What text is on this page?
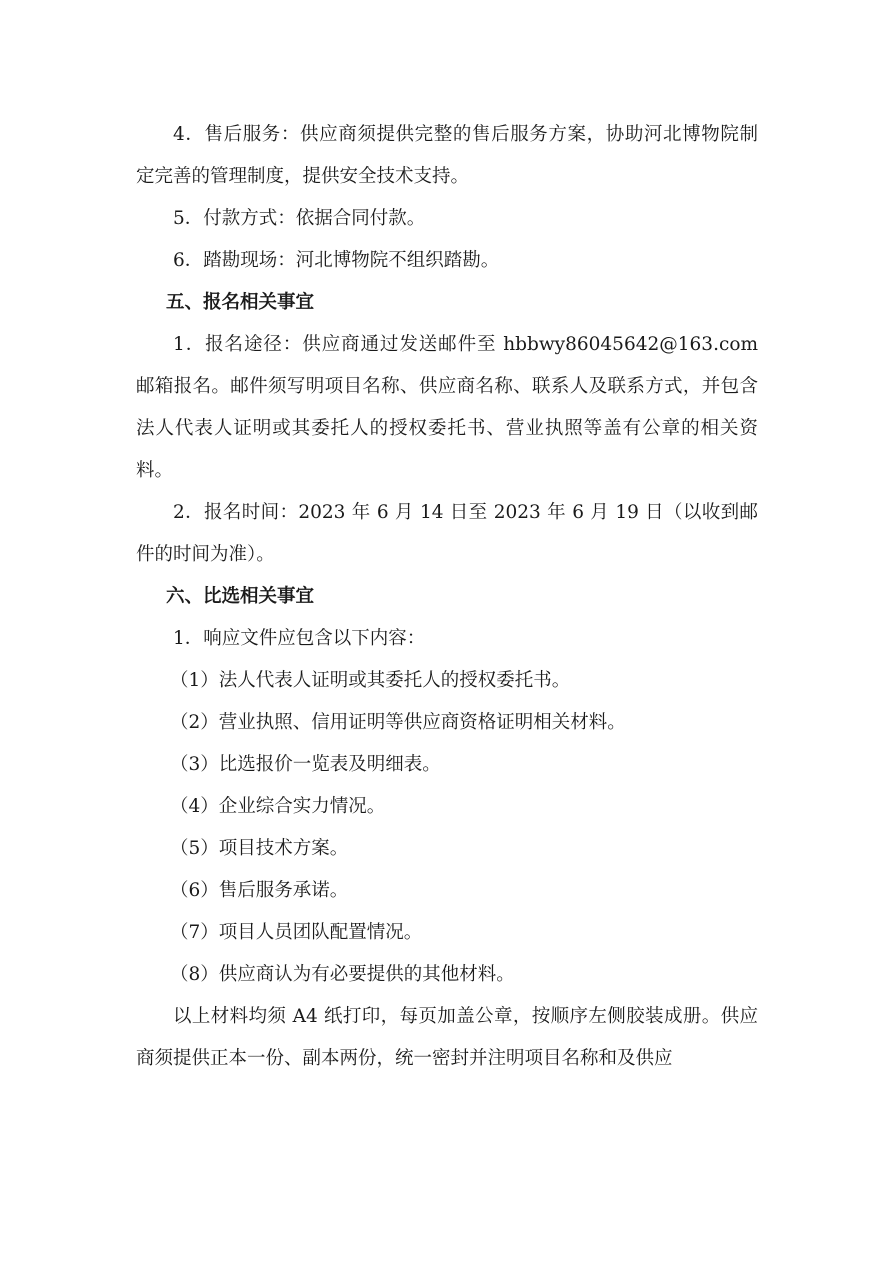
4．售后服务：供应商须提供完整的售后服务方案，协助河北博物院制定完善的管理制度，提供安全技术支持。

5．付款方式：依据合同付款。

6．踏勘现场：河北博物院不组织踏勘。

五、报名相关事宜

1．报名途径：供应商通过发送邮件至 hbbwy86045642@163.com 邮箱报名。邮件须写明项目名称、供应商名称、联系人及联系方式，并包含法人代表人证明或其委托人的授权委托书、营业执照等盖有公章的相关资料。

2．报名时间：2023 年 6 月 14 日至 2023 年 6 月 19 日（以收到邮件的时间为准）。

六、比选相关事宜

1．响应文件应包含以下内容：

（1）法人代表人证明或其委托人的授权委托书。

（2）营业执照、信用证明等供应商资格证明相关材料。

（3）比选报价一览表及明细表。

（4）企业综合实力情况。

（5）项目技术方案。

（6）售后服务承诺。

（7）项目人员团队配置情况。

（8）供应商认为有必要提供的其他材料。

以上材料均须 A4 纸打印，每页加盖公章，按顺序左侧胶装成册。供应商须提供正本一份、副本两份，统一密封并注明项目名称和及供应
